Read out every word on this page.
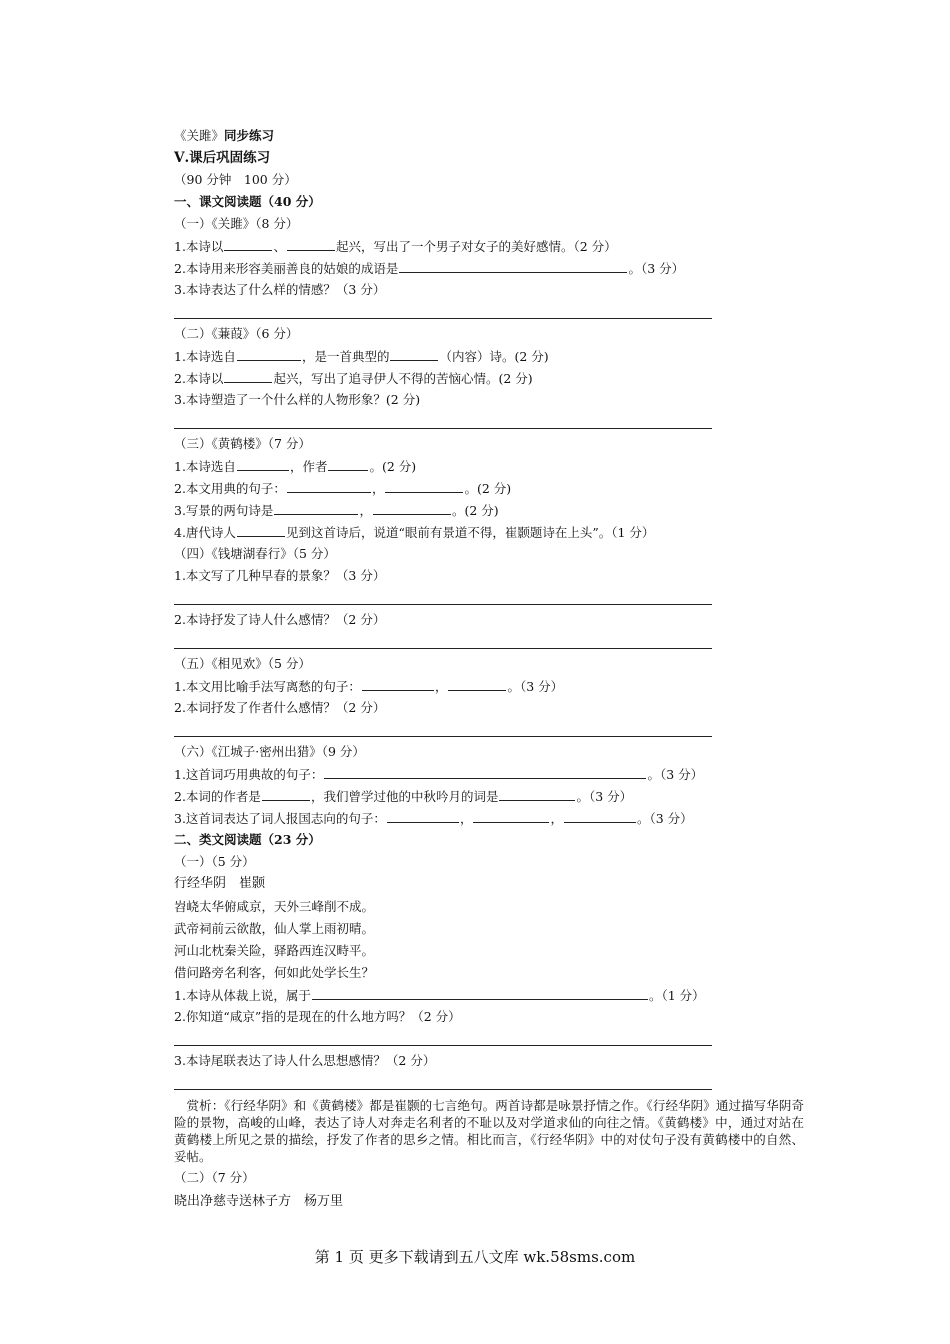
《关雎》同步练习
Ⅴ.课后巩固练习
（90 分钟　100 分）
一、课文阅读题（40 分）
（一）《关雎》（8 分）
1.本诗以	、	起兴，写出了一个男子对女子的美好感情。（2 分）
2.本诗用来形容美丽善良的姑娘的成语是	。（3 分）
3.本诗表达了什么样的情感？（3 分）
（二）《蒹葭》（6 分）
1.本诗选自	，是一首典型的	（内容）诗。(2 分)
2.本诗以	起兴，写出了追寻伊人不得的苦恼心情。(2 分)
3.本诗塑造了一个什么样的人物形象？(2 分)
（三）《黄鹤楼》（7 分）
1.本诗选自	，作者	。(2 分)
2.本文用典的句子：	，	。(2 分)
3.写景的两句诗是	，	。(2 分)
4.唐代诗人	见到这首诗后，说道“眼前有景道不得，崔颢题诗在上头”。（1 分）
（四）《钱塘湖春行》（5 分）
1.本文写了几种早春的景象？（3 分）
2.本诗抒发了诗人什么感情？（2 分）
（五）《相见欢》（5 分）
1.本文用比喻手法写离愁的句子：	，	。（3 分）
2.本词抒发了作者什么感情？（2 分）
（六）《江城子·密州出猎》（9 分）
1.这首词巧用典故的句子：	。（3 分）
2.本词的作者是	，我们曾学过他的中秋吟月的词是	。（3 分）
3.这首词表达了词人报国志向的句子：	，	，	。（3 分）
二、类文阅读题（23 分）
（一）（5 分）
行经华阴　崔颢
岧峣太华俯咸京，天外三峰削不成。
武帝祠前云欲散，仙人掌上雨初晴。
河山北枕秦关险，驿路西连汉畤平。
借问路旁名利客，何如此处学长生？
1.本诗从体裁上说，属于	。（1 分）
2.你知道“咸京”指的是现在的什么地方吗？（2 分）
3.本诗尾联表达了诗人什么思想感情？（2 分）
赏析：《行经华阴》和《黄鹤楼》都是崔颢的七言绝句。两首诗都是咏景抒情之作。《行经华阴》通过描写华阴奇险的景物，高峻的山峰，表达了诗人对奔走名利者的不耻以及对学道求仙的向往之情。《黄鹤楼》中，通过对站在黄鹤楼上所见之景的描绘，抒发了作者的思乡之情。相比而言，《行经华阴》中的对仗句子没有黄鹤楼中的自然、妥帖。
（二）（7 分）
晓出净慈寺送林子方　杨万里
第 1 页 更多下载请到五八文库 wk.58sms.com
